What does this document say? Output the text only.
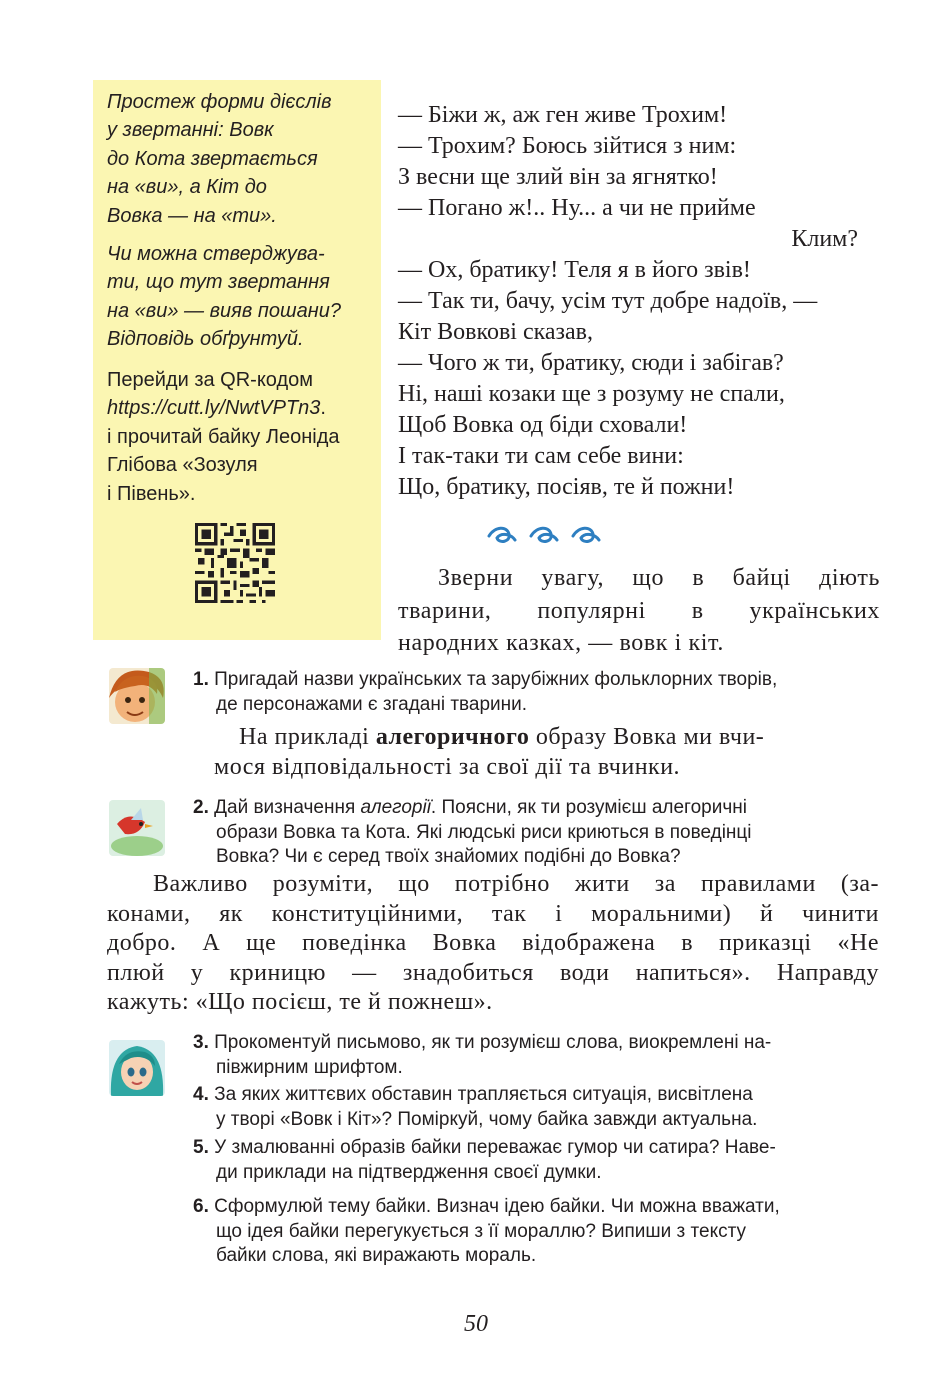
Простеж форми дієслів
у звертанні: Вовк
до Кота звертається
на «ви», а Кіт до
Вовка — на «ти».
Чи можна стверджува-
ти, що тут звертання
на «ви» — вияв пошани?
Відповідь обґрунтуй.
Перейди за QR-кодом
https://cutt.ly/NwtVPTn3.
і прочитай байку Леоніда
Глібова «Зозуля
і Півень».
— Біжи ж, аж ген живе Трохим!
— Трохим? Боюсь зійтися з ним:
З весни ще злий він за ягнятко!
— Погано ж!.. Ну... а чи не прийме
Клим?
— Ох, братику! Теля я в його звів!
— Так ти, бачу, усім тут добре надоїв, —
Кіт Вовкові сказав,
— Чого ж ти, братику, сюди і забігав?
Ні, наші козаки ще з розуму не спали,
Щоб Вовка од біди сховали!
І так-таки ти сам себе вини:
Що, братику, посіяв, те й пожни!
Зверни увагу, що в байці діють
тварини, популярні в українських
народних казках, — вовк і кіт.
1. Пригадай назви українських та зарубіжних фольклорних творів,
де персонажами є згадані тварини.
На прикладі алегоричного образу Вовка ми вчи-
мося відповідальності за свої дії та вчинки.
2. Дай визначення алегорії. Поясни, як ти розумієш алегоричні
образи Вовка та Кота. Які людські риси криються в поведінці
Вовка? Чи є серед твоїх знайомих подібні до Вовка?
Важливо розуміти, що потрібно жити за правилами (за-
конами, як конституційними, так і моральними) й чинити
добро. А ще поведінка Вовка відображена в приказці «Не
плюй у криницю — знадобиться води напиться». Направду
кажуть: «Що посієш, те й пожнеш».
3. Прокоментуй письмово, як ти розумієш слова, виокремлені на-
півжирним шрифтом.
4. За яких життєвих обставин трапляється ситуація, висвітлена
у творі «Вовк і Кіт»? Поміркуй, чому байка завжди актуальна.
5. У змалюванні образів байки переважає гумор чи сатира? Наве-
ди приклади на підтвердження своєї думки.
6. Сформулюй тему байки. Визнач ідею байки. Чи можна вважати,
що ідея байки перегукується з її мораллю? Випиши з тексту
байки слова, які виражають мораль.
50
